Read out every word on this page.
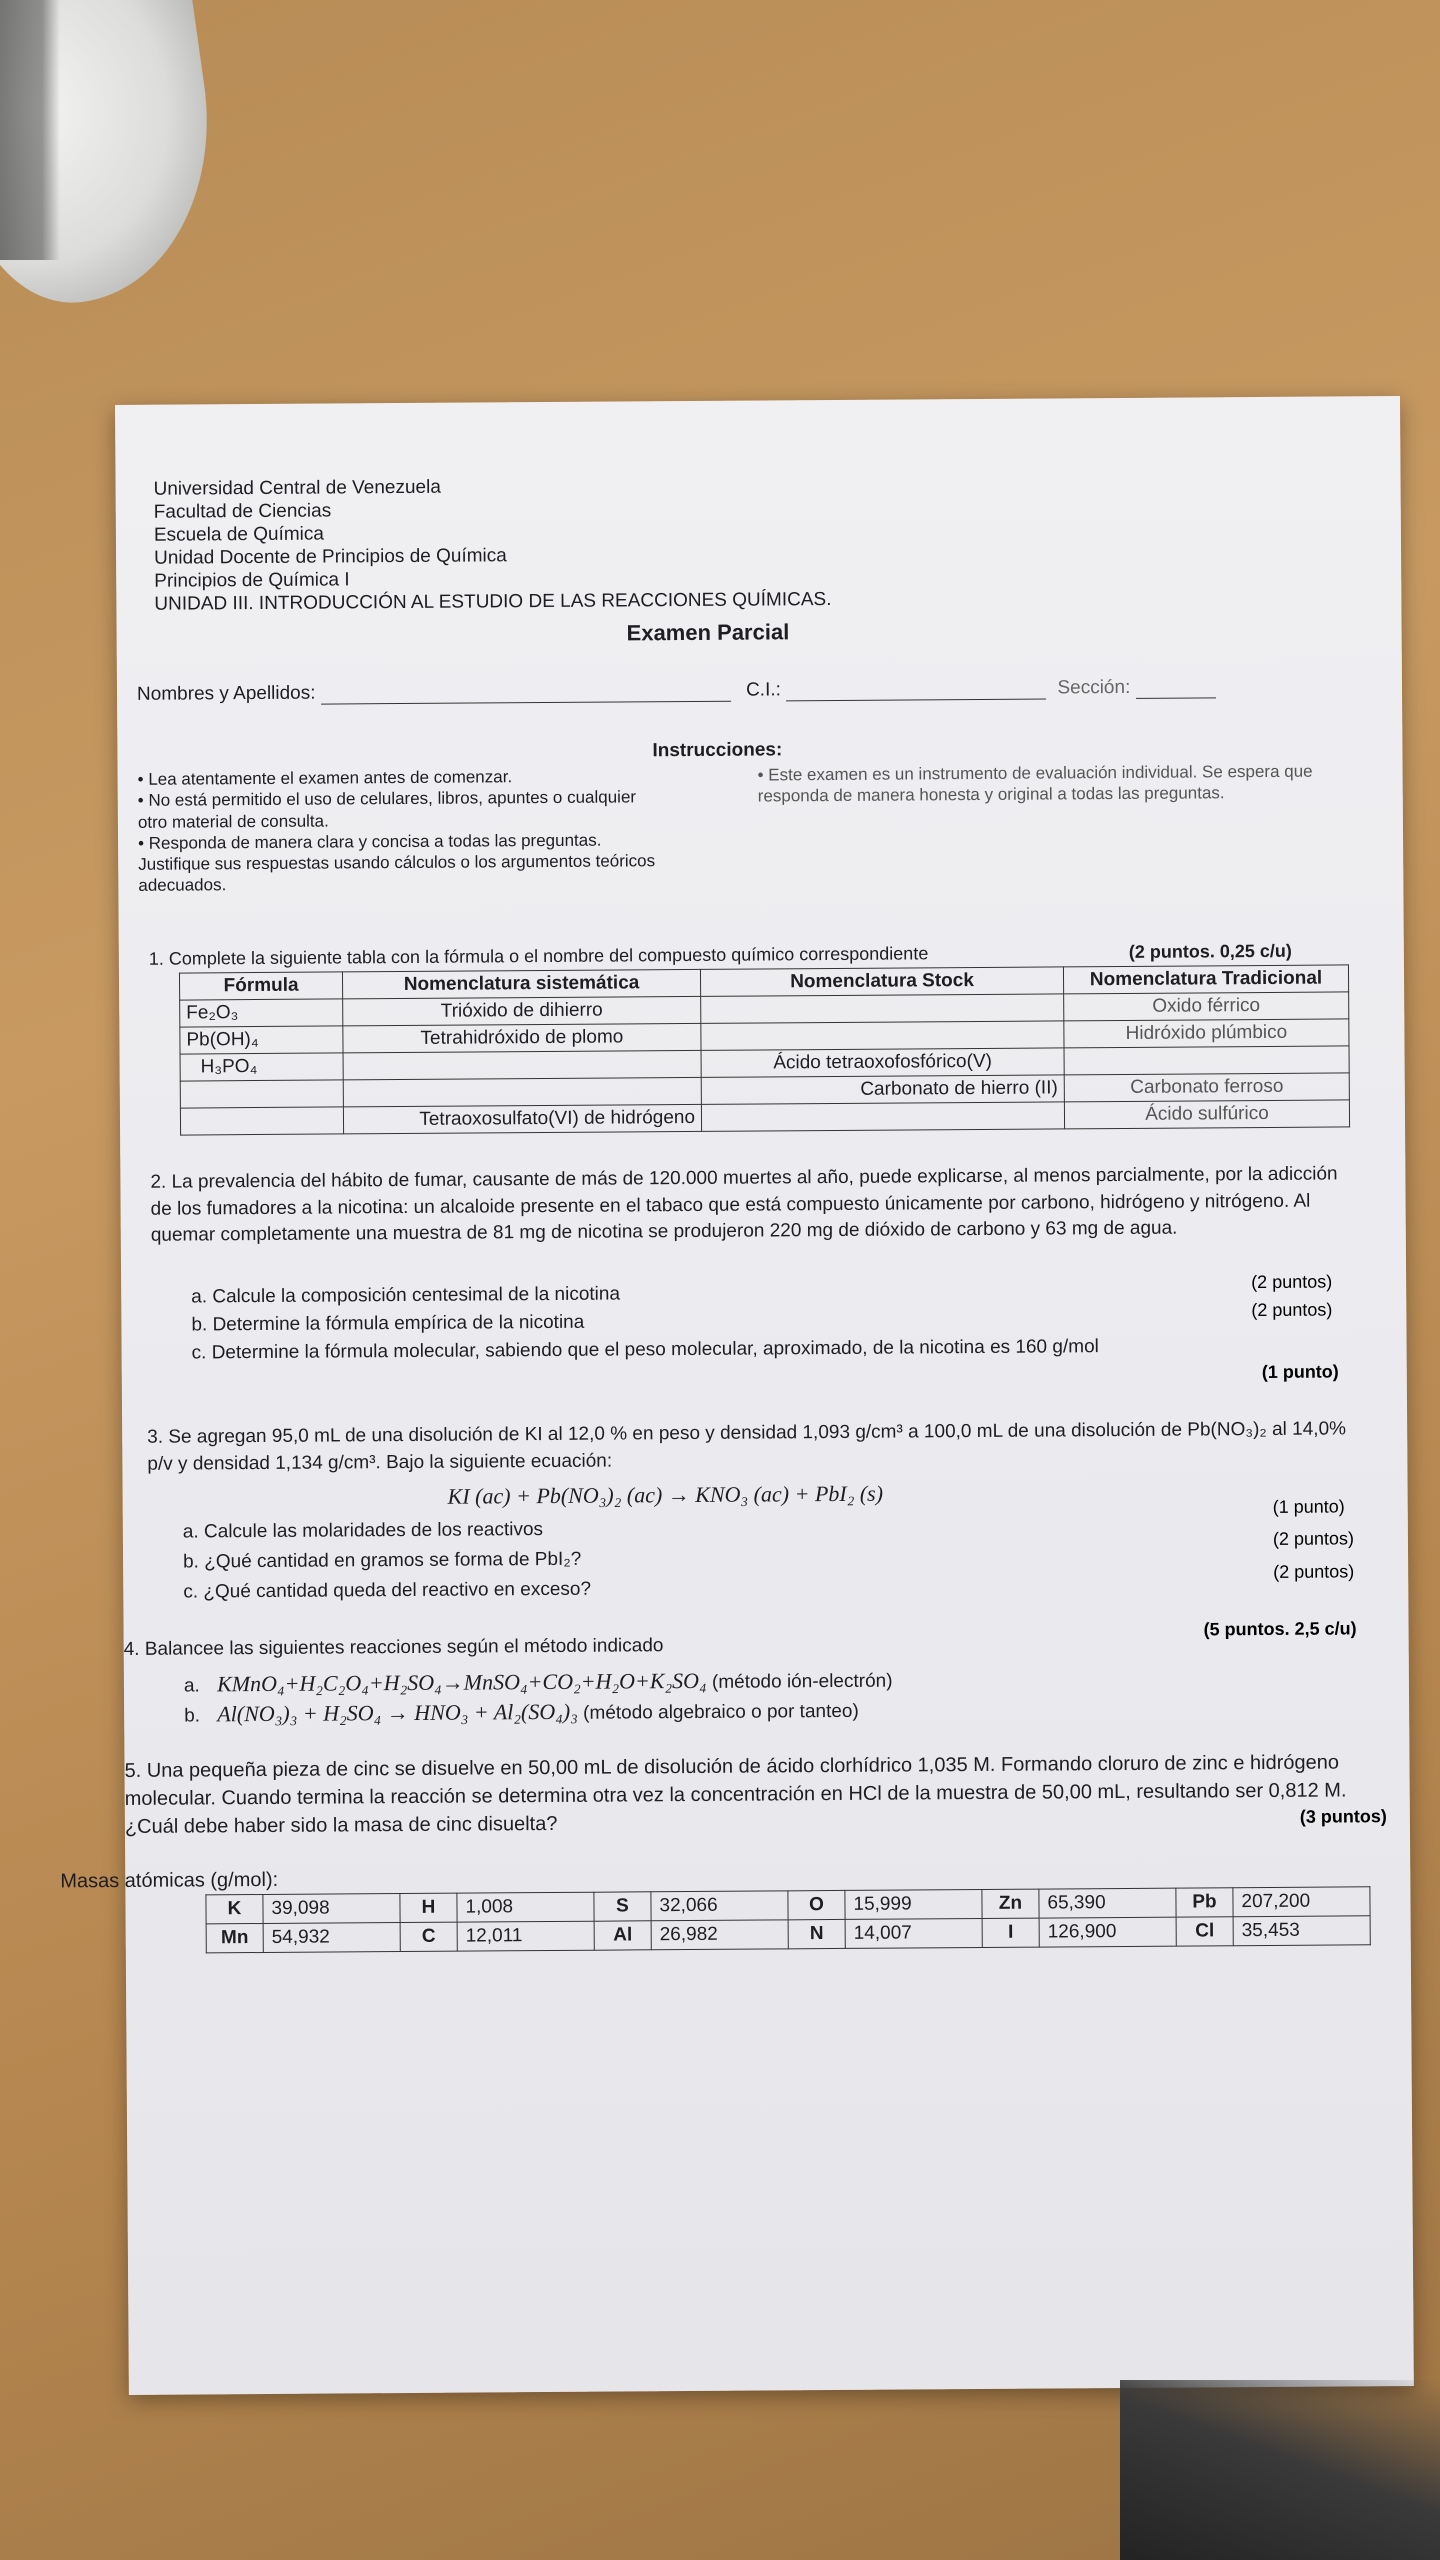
Universidad Central de Venezuela
Facultad de Ciencias
Escuela de Química
Unidad Docente de Principios de Química
Principios de Química I
UNIDAD III. INTRODUCCIÓN AL ESTUDIO DE LAS REACCIONES QUÍMICAS.
Examen Parcial
Nombres y Apellidos:	C.I.:	Sección:
Instrucciones:
• Lea atentamente el examen antes de comenzar.
• No está permitido el uso de celulares, libros, apuntes o cualquier otro material de consulta.
• Responda de manera clara y concisa a todas las preguntas. Justifique sus respuestas usando cálculos o los argumentos teóricos adecuados.
• Este examen es un instrumento de evaluación individual. Se espera que responda de manera honesta y original a todas las preguntas.
1. Complete la siguiente tabla con la fórmula o el nombre del compuesto químico correspondiente	(2 puntos. 0,25 c/u)
Fórmula	Nomenclatura sistemática	Nomenclatura Stock	Nomenclatura Tradicional
Fe₂O₃	Trióxido de dihierro		Oxido férrico
Pb(OH)₄	Tetrahidróxido de plomo		Hidróxido plúmbico
H₃PO₄		Ácido tetraoxofosfórico(V)	
		Carbonato de hierro (II)	Carbonato ferroso
	Tetraoxosulfato(VI) de hidrógeno		Ácido sulfúrico
2. La prevalencia del hábito de fumar, causante de más de 120.000 muertes al año, puede explicarse, al menos parcialmente, por la adicción de los fumadores a la nicotina: un alcaloide presente en el tabaco que está compuesto únicamente por carbono, hidrógeno y nitrógeno. Al quemar completamente una muestra de 81 mg de nicotina se produjeron 220 mg de dióxido de carbono y 63 mg de agua.
a. Calcule la composición centesimal de la nicotina
(2 puntos)
b. Determine la fórmula empírica de la nicotina
(2 puntos)
c. Determine la fórmula molecular, sabiendo que el peso molecular, aproximado, de la nicotina es 160 g/mol
(1 punto)
3. Se agregan 95,0 mL de una disolución de KI al 12,0 % en peso y densidad 1,093 g/cm³ a 100,0 mL de una disolución de Pb(NO₃)₂ al 14,0% p/v y densidad 1,134 g/cm³. Bajo la siguiente ecuación:
KI (ac) + Pb(NO₃)₂ (ac) → KNO₃ (ac) + PbI₂ (s)
a. Calcule las molaridades de los reactivos
(1 punto)
b. ¿Qué cantidad en gramos se forma de PbI₂?
(2 puntos)
c. ¿Qué cantidad queda del reactivo en exceso?
(2 puntos)
4. Balancee las siguientes reacciones según el método indicado
(5 puntos. 2,5 c/u)
a. KMnO₄+H₂C₂O₄+H₂SO₄→MnSO₄+CO₂+H₂O+K₂SO₄ (método ión-electrón)
b. Al(NO₃)₃ + H₂SO₄ → HNO₃ + Al₂(SO₄)₃ (método algebraico o por tanteo)
5. Una pequeña pieza de cinc se disuelve en 50,00 mL de disolución de ácido clorhídrico 1,035 M. Formando cloruro de zinc e hidrógeno molecular. Cuando termina la reacción se determina otra vez la concentración en HCl de la muestra de 50,00 mL, resultando ser 0,812 M. ¿Cuál debe haber sido la masa de cinc disuelta?	(3 puntos)
Masas atómicas (g/mol):
K	39,098	H	1,008	S	32,066	O	15,999	Zn	65,390	Pb	207,200
Mn	54,932	C	12,011	Al	26,982	N	14,007	I	126,900	Cl	35,453
